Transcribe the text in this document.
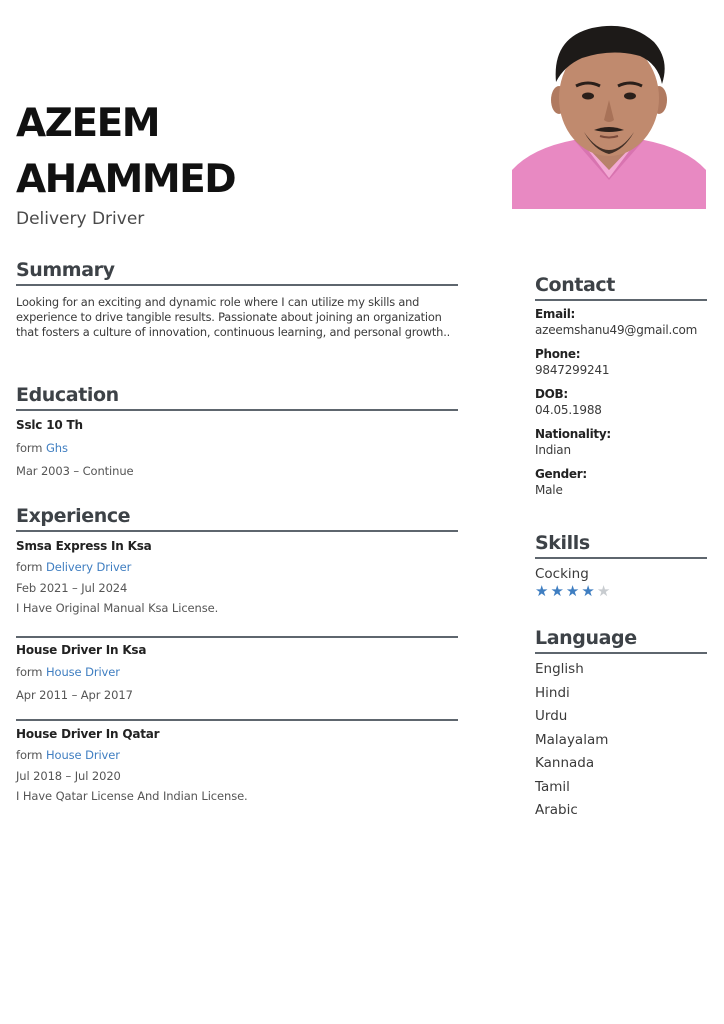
AZEEM
AHAMMED

Delivery Driver

Summary

Looking for an exciting and dynamic role where I can utilize my skills and experience to drive tangible results. Passionate about joining an organization that fosters a culture of innovation, continuous learning, and personal growth..

Education

Sslc 10 Th

form Ghs

Mar 2003 – Continue

Experience

Smsa Express In Ksa

form Delivery Driver

Feb 2021 – Jul 2024

I Have Original Manual Ksa License.

House Driver In Ksa

form House Driver

Apr 2011 – Apr 2017

House Driver In Qatar

form House Driver

Jul 2018 – Jul 2020

I Have Qatar License And Indian License.

Contact

Email:

azeemshanu49@gmail.com

Phone:

9847299241

DOB:

04.05.1988

Nationality:

Indian

Gender:

Male

Skills

Cocking

★★★★★
Language

English

Hindi

Urdu

Malayalam

Kannada

Tamil

Arabic
